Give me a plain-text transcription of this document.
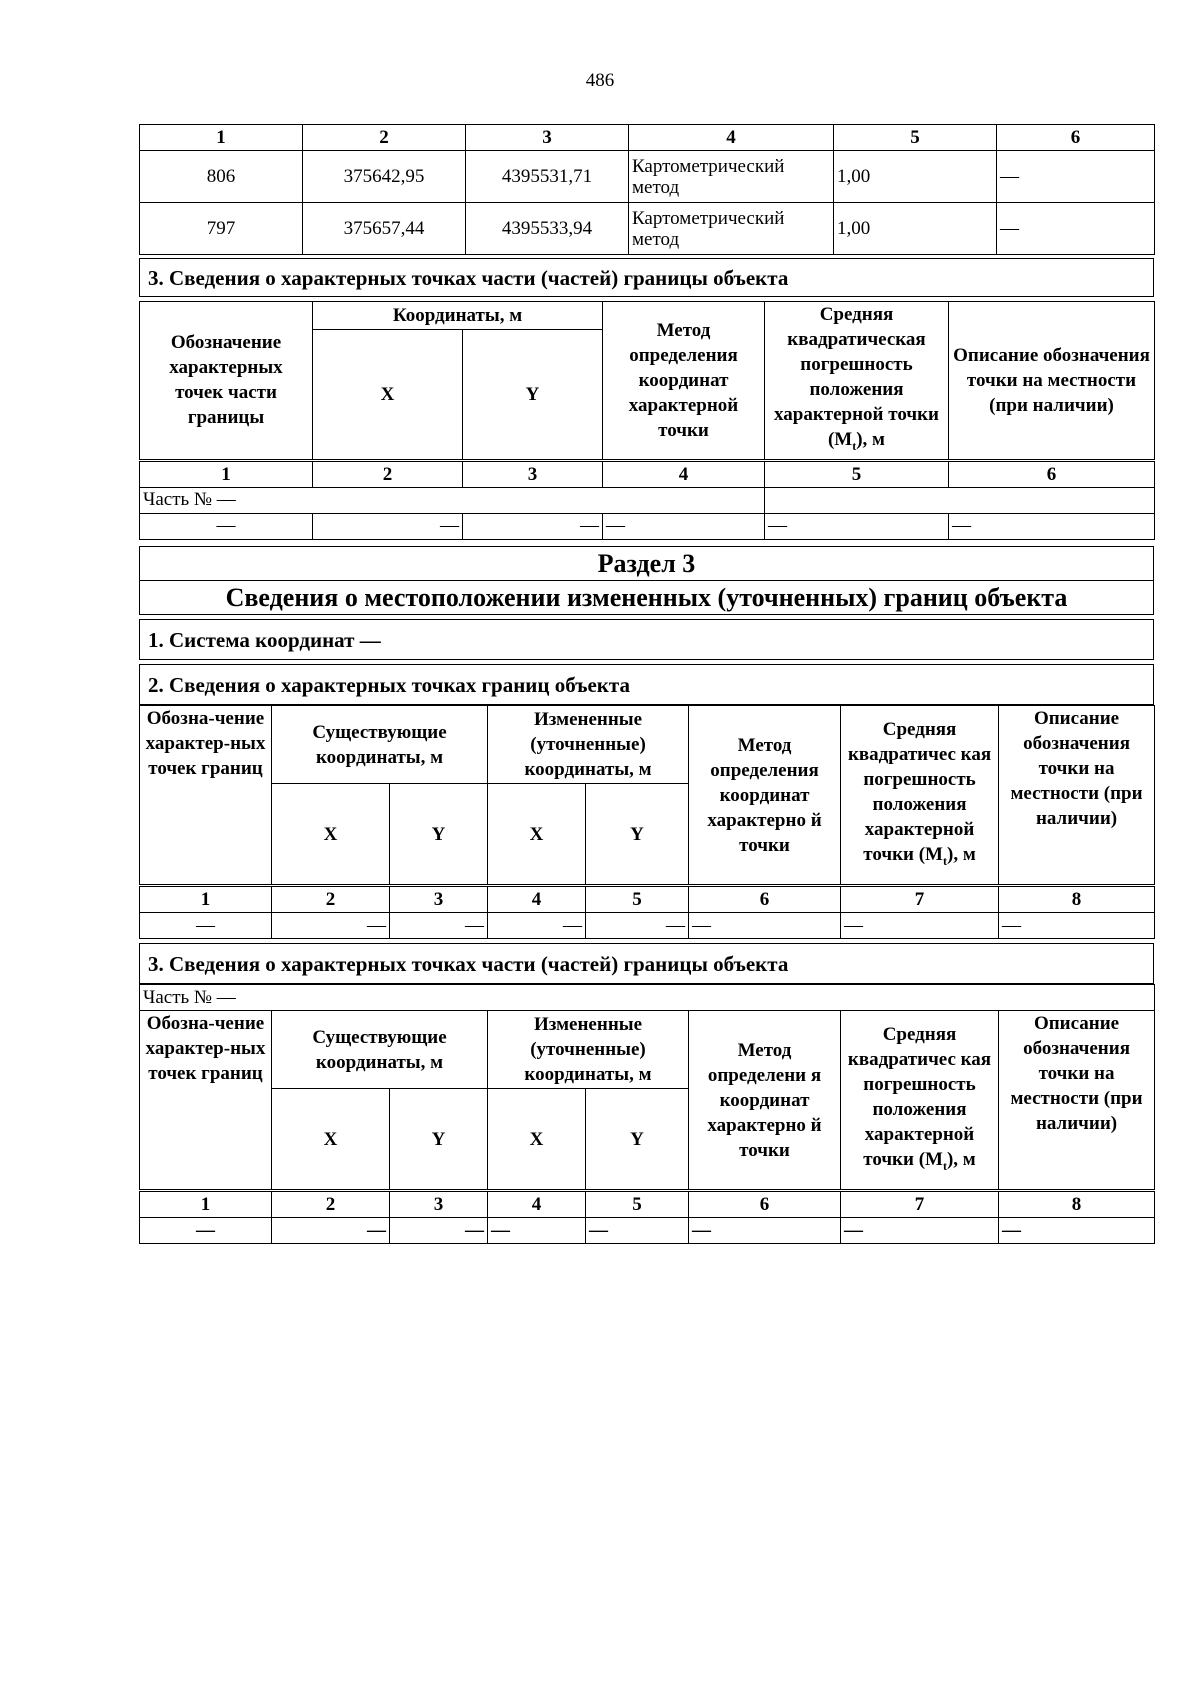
486
1	2	3	4	5	6
806	375642,95	4395531,71	Картометрический метод	1,00	—
797	375657,44	4395533,94	Картометрический метод	1,00	—
3. Сведения о характерных точках части (частей) границы объекта
Обозначение характерных точек части границы	Координаты, м		Метод определения координат характерной точки	Средняя квадратическая погрешность положения характерной точки $(M_t)$, м	Описание обозначения точки на местности (при наличии)
	X	Y			
1	2	3	4	5	6
Часть № —					
—	—	—	—	—	—
Раздел 3
Сведения о местоположении измененных (уточненных) границ объекта
1. Система координат —
2. Сведения о характерных точках границ объекта
Обозна-чение характер-ных точек границ	Существующие координаты, м		Измененные (уточненные) координаты, м		Метод определения координат характерно й точки	Средняя квадратичес кая погрешность положения характерной точки $(M_t)$, м	Описание обозначения точки на местности (при наличии)
	X	Y	X	Y			
1	2	3	4	5	6	7	8
—	—	—	—	—	—	—	—
3. Сведения о характерных точках части (частей) границы объекта
Часть № —							
Обозна-чение характер-ных точек границ	Существующие координаты, м		Измененные (уточненные) координаты, м		Метод определени я координат характерно й точки	Средняя квадратичес кая погрешность положения характерной точки $(M_t)$, м	Описание обозначения точки на местности (при наличии)
	X	Y	X	Y			
1	2	3	4	5	6	7	8
—	—	—	—	—	—	—	—
